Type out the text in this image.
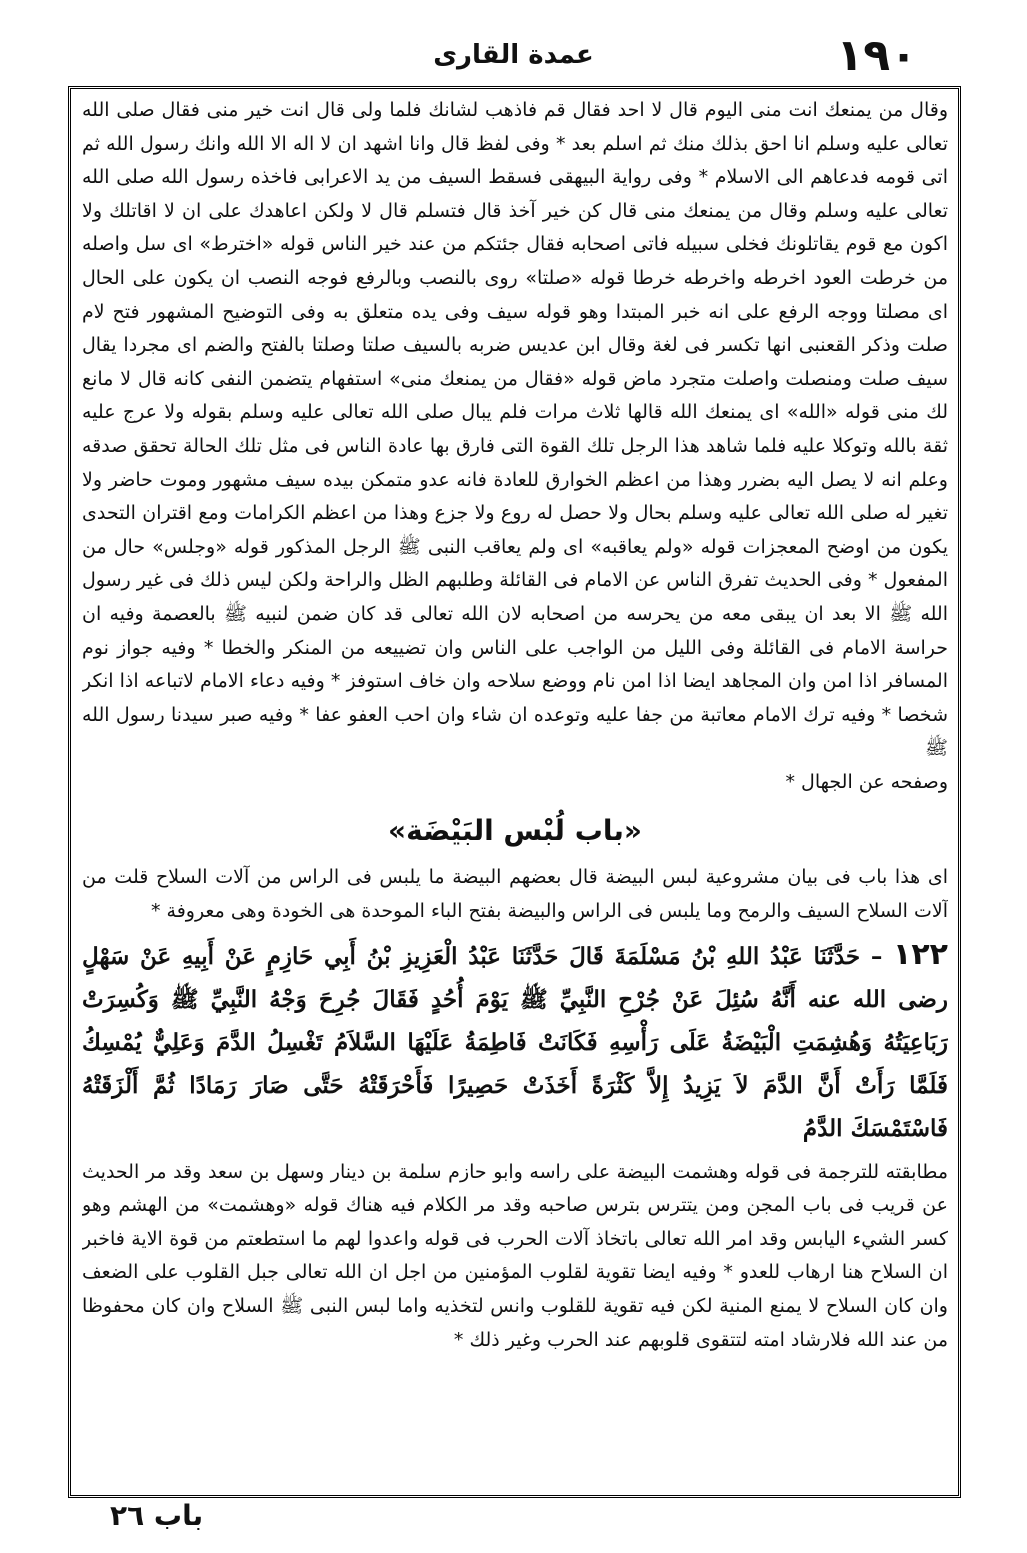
۱۹۰
عمدة القارى

وقال من يمنعك انت منى اليوم قال لا احد فقال قم فاذهب لشانك فلما ولى قال انت خير منى فقال صلى الله تعالى عليه وسلم انا احق بذلك منك ثم اسلم بعد * وفى لفظ قال وانا اشهد ان لا اله الا الله وانك رسول الله ثم اتى قومه فدعاهم الى الاسلام * وفى رواية البيهقى فسقط السيف من يد الاعرابى فاخذه رسول الله صلى الله تعالى عليه وسلم وقال من يمنعك منى قال كن خير آخذ قال فتسلم قال لا ولكن اعاهدك على ان لا اقاتلك ولا اكون مع قوم يقاتلونك فخلى سبيله فاتى اصحابه فقال جئتكم من عند خير الناس قوله «اخترط» اى سل واصله من خرطت العود اخرطه واخرطه خرطا قوله «صلتا» روى بالنصب وبالرفع فوجه النصب ان يكون على الحال اى مصلتا ووجه الرفع على انه خبر المبتدا وهو قوله سيف وفى يده متعلق به وفى التوضيح المشهور فتح لام صلت وذكر القعنبى انها تكسر فى لغة وقال ابن عديس ضربه بالسيف صلتا وصلتا بالفتح والضم اى مجردا يقال سيف صلت ومنصلت واصلت متجرد ماض قوله «فقال من يمنعك منى» استفهام يتضمن النفى كانه قال لا مانع لك منى قوله «الله» اى يمنعك الله قالها ثلاث مرات فلم يبال صلى الله تعالى عليه وسلم بقوله ولا عرج عليه ثقة بالله وتوكلا عليه فلما شاهد هذا الرجل تلك القوة التى فارق بها عادة الناس فى مثل تلك الحالة تحقق صدقه وعلم انه لا يصل اليه بضرر وهذا من اعظم الخوارق للعادة فانه عدو متمكن بيده سيف مشهور وموت حاضر ولا تغير له صلى الله تعالى عليه وسلم بحال ولا حصل له روع ولا جزع وهذا من اعظم الكرامات ومع اقتران التحدى يكون من اوضح المعجزات قوله «ولم يعاقبه» اى ولم يعاقب النبى ﷺ الرجل المذكور قوله «وجلس» حال من المفعول * وفى الحديث تفرق الناس عن الامام فى القائلة وطلبهم الظل والراحة ولكن ليس ذلك فى غير رسول الله ﷺ الا بعد ان يبقى معه من يحرسه من اصحابه لان الله تعالى قد كان ضمن لنبيه ﷺ بالعصمة وفيه ان حراسة الامام فى القائلة وفى الليل من الواجب على الناس وان تضييعه من المنكر والخطا * وفيه جواز نوم المسافر اذا امن وان المجاهد ايضا اذا امن نام ووضع سلاحه وان خاف استوفز * وفيه دعاء الامام لاتباعه اذا انكر شخصا * وفيه ترك الامام معاتبة من جفا عليه وتوعده ان شاء وان احب العفو عفا * وفيه صبر سيدنا رسول الله ﷺ

وصفحه عن الجهال *

«باب لُبْس البَيْضَة»

اى هذا باب فى بيان مشروعية لبس البيضة قال بعضهم البيضة ما يلبس فى الراس من آلات السلاح قلت من آلات السلاح السيف والرمح وما يلبس فى الراس والبيضة بفتح الباء الموحدة هى الخودة وهى معروفة *

١٢٢ – حَدَّثَنَا عَبْدُ اللهِ بْنُ مَسْلَمَةَ قَالَ حَدَّثَنَا عَبْدُ الْعَزِيزِ بْنُ أَبِي حَازِمٍ عَنْ أَبِيهِ عَنْ سَهْلٍ رضى الله عنه أَنَّهُ سُئِلَ عَنْ جُرْحِ النَّبِيِّ ﷺ يَوْمَ أُحُدٍ فَقَالَ جُرِحَ وَجْهُ النَّبِيِّ ﷺ وَكُسِرَتْ رَبَاعِيَتُهُ وَهُشِمَتِ الْبَيْضَةُ عَلَى رَأْسِهِ فَكَانَتْ فَاطِمَةُ عَلَيْهَا السَّلاَمُ تَغْسِلُ الدَّمَ وَعَلِيٌّ يُمْسِكُ فَلَمَّا رَأَتْ أَنَّ الدَّمَ لاَ يَزِيدُ إِلاَّ كَثْرَةً أَخَذَتْ حَصِيرًا فَأَحْرَقَتْهُ حَتَّى صَارَ رَمَادًا ثُمَّ أَلْزَقَتْهُ فَاسْتَمْسَكَ الدَّمُ

مطابقته للترجمة فى قوله وهشمت البيضة على راسه وابو حازم سلمة بن دينار وسهل بن سعد وقد مر الحديث عن قريب فى باب المجن ومن يتترس بترس صاحبه وقد مر الكلام فيه هناك قوله «وهشمت» من الهشم وهو كسر الشيء اليابس وقد امر الله تعالى باتخاذ آلات الحرب فى قوله واعدوا لهم ما استطعتم من قوة الاية فاخبر ان السلاح هنا ارهاب للعدو * وفيه ايضا تقوية لقلوب المؤمنين من اجل ان الله تعالى جبل القلوب على الضعف وان كان السلاح لا يمنع المنية لكن فيه تقوية للقلوب وانس لتخذيه واما لبس النبى ﷺ السلاح وان كان محفوظا من عند الله فلارشاد امته لتتقوى قلوبهم عند الحرب وغير ذلك *

باب ٢٦
